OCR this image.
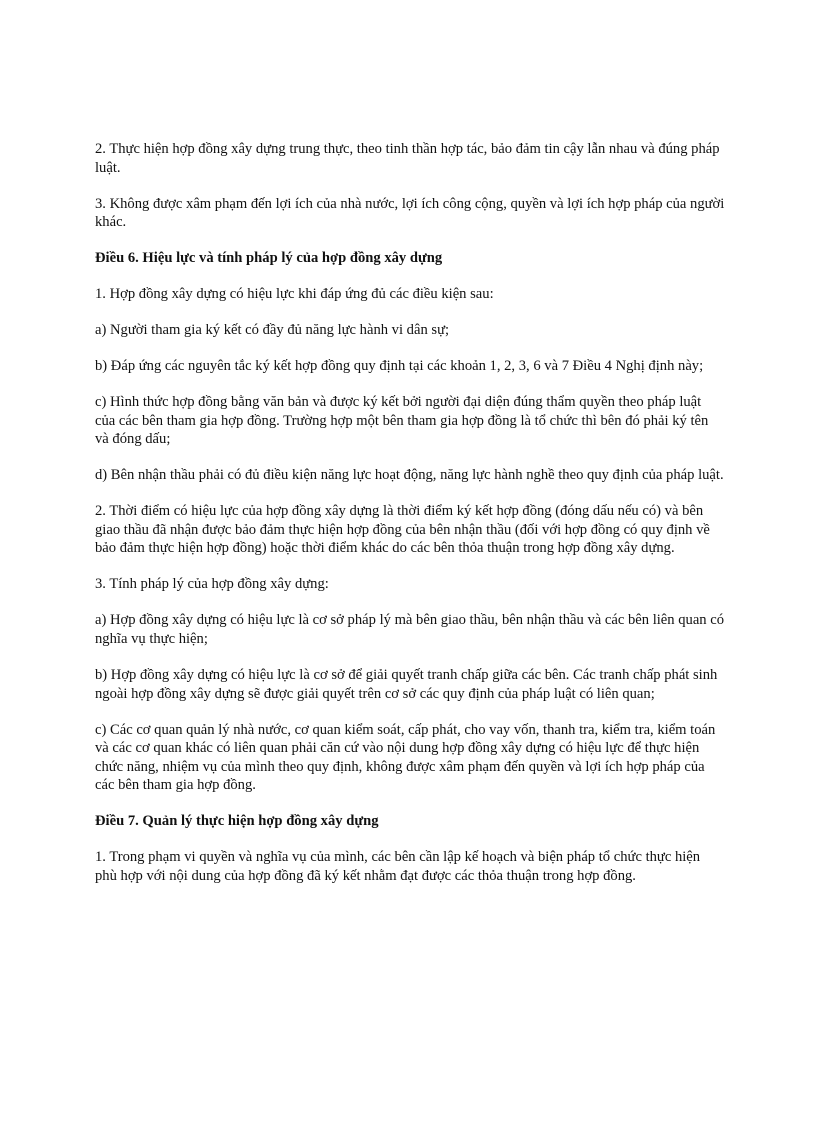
2. Thực hiện hợp đồng xây dựng trung thực, theo tinh thần hợp tác, bảo đảm tin cậy lẫn nhau và đúng pháp luật.

3. Không được xâm phạm đến lợi ích của nhà nước, lợi ích công cộng, quyền và lợi ích hợp pháp của người khác.

Điều 6. Hiệu lực và tính pháp lý của hợp đồng xây dựng

1. Hợp đồng xây dựng có hiệu lực khi đáp ứng đủ các điều kiện sau:

a) Người tham gia ký kết có đầy đủ năng lực hành vi dân sự;

b) Đáp ứng các nguyên tắc ký kết hợp đồng quy định tại các khoản 1, 2, 3, 6 và 7 Điều 4 Nghị định này;

c) Hình thức hợp đồng bằng văn bản và được ký kết bởi người đại diện đúng thẩm quyền theo pháp luật của các bên tham gia hợp đồng. Trường hợp một bên tham gia hợp đồng là tổ chức thì bên đó phải ký tên và đóng dấu;

d) Bên nhận thầu phải có đủ điều kiện năng lực hoạt động, năng lực hành nghề theo quy định của pháp luật.

2. Thời điểm có hiệu lực của hợp đồng xây dựng là thời điểm ký kết hợp đồng (đóng dấu nếu có) và bên giao thầu đã nhận được bảo đảm thực hiện hợp đồng của bên nhận thầu (đối với hợp đồng có quy định về bảo đảm thực hiện hợp đồng) hoặc thời điểm khác do các bên thỏa thuận trong hợp đồng xây dựng.

3. Tính pháp lý của hợp đồng xây dựng:

a) Hợp đồng xây dựng có hiệu lực là cơ sở pháp lý mà bên giao thầu, bên nhận thầu và các bên liên quan có nghĩa vụ thực hiện;

b) Hợp đồng xây dựng có hiệu lực là cơ sở để giải quyết tranh chấp giữa các bên. Các tranh chấp phát sinh ngoài hợp đồng xây dựng sẽ được giải quyết trên cơ sở các quy định của pháp luật có liên quan;

c) Các cơ quan quản lý nhà nước, cơ quan kiểm soát, cấp phát, cho vay vốn, thanh tra, kiểm tra, kiểm toán và các cơ quan khác có liên quan phải căn cứ vào nội dung hợp đồng xây dựng có hiệu lực để thực hiện chức năng, nhiệm vụ của mình theo quy định, không được xâm phạm đến quyền và lợi ích hợp pháp của các bên tham gia hợp đồng.

Điều 7. Quản lý thực hiện hợp đồng xây dựng

1. Trong phạm vi quyền và nghĩa vụ của mình, các bên cần lập kế hoạch và biện pháp tổ chức thực hiện phù hợp với nội dung của hợp đồng đã ký kết nhằm đạt được các thỏa thuận trong hợp đồng.
